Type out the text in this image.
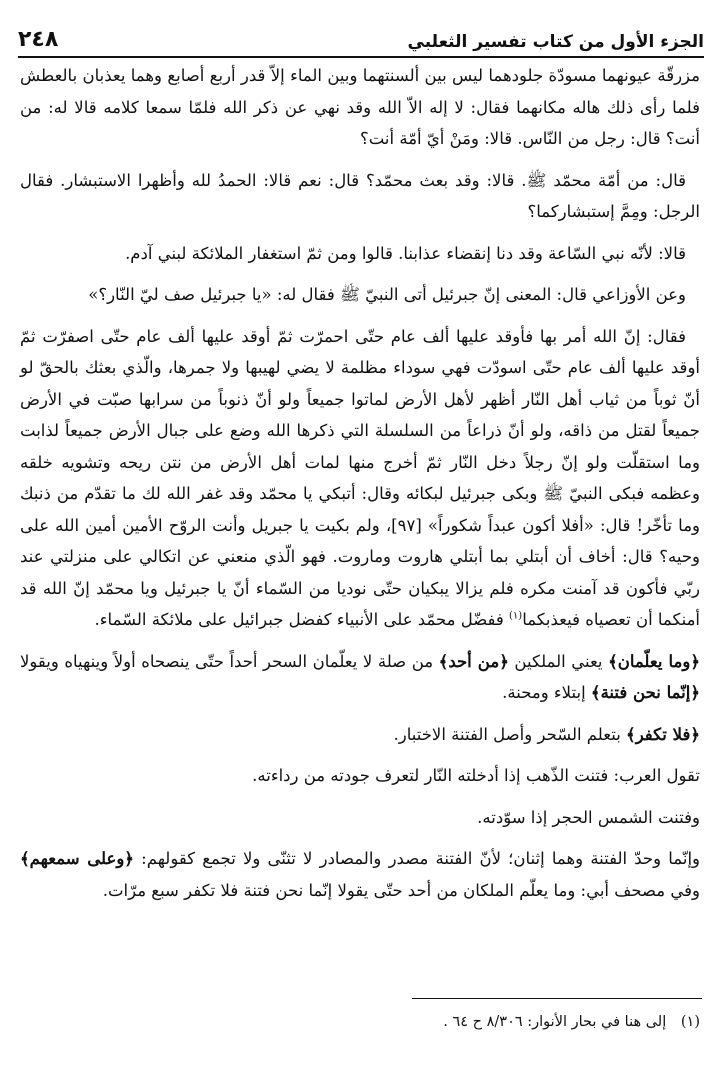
الجزء الأول من كتاب تفسير الثعلبي
٢٤٨

مزرقّة عيونهما مسودّة جلودهما ليس بين ألسنتهما وبين الماء إلاّ قدر أربع أصابع وهما يعذبان بالعطش فلما رأى ذلك هاله مكانهما فقال: لا إله الاّ الله وقد نهي عن ذكر الله فلمّا سمعا كلامه قالا له: من أنت؟ قال: رجل من النّاس. قالا: ومَنْ أيّ أمّة أنت؟

قال: من أمّة محمّد ﷺ. قالا: وقد بعث محمّد؟ قال: نعم قالا: الحمدُ لله وأظهرا الاستبشار. فقال الرجل: ومِمَّ إستبشاركما؟

قالا: لأنّه نبي السّاعة وقد دنا إنقضاء عذابنا. قالوا ومن ثمّ استغفار الملائكة لبني آدم.

وعن الأوزاعي قال: المعنى إنّ جبرئيل أتى النبيّ ﷺ فقال له: «يا جبرئيل صف ليّ النّار؟»

فقال: إنّ الله أمر بها فأوقد عليها ألف عام حتّى احمرّت ثمّ أوقد عليها ألف عام حتّى اصفرّت ثمّ أوقد عليها ألف عام حتّى اسودّت فهي سوداء مظلمة لا يضي لهيبها ولا جمرها، والّذي بعثك بالحقّ لو أنّ ثوباً من ثياب أهل النّار أظهر لأهل الأرض لماتوا جميعاً ولو أنّ ذنوباً من سرابها صبّت في الأرض جميعاً لقتل من ذاقه، ولو أنّ ذراعاً من السلسلة التي ذكرها الله وضع على جبال الأرض جميعاً لذابت وما استقلّت ولو إنّ رجلاً دخل النّار ثمّ أخرج منها لمات أهل الأرض من نتن ريحه وتشويه خلقه وعظمه فبكى النبيّ ﷺ وبكى جبرئيل لبكائه وقال: أتبكي يا محمّد وقد غفر الله لك ما تقدّم من ذنبك وما تأخّر! قال: «أفلا أكون عبداً شكوراً» [٩٧]، ولم بكيت يا جبريل وأنت الروّح الأمين أمين الله على وحيه؟ قال: أخاف أن أبتلي بما أبتلي هاروت وماروت. فهو الّذي منعني عن اتكالي على منزلتي عند ربّي فأكون قد آمنت مكره فلم يزالا يبكيان حتّى نوديا من السّماء أنّ يا جبرئيل ويا محمّد إنّ الله قد أمنكما أن تعصياه فيعذبكما$^{(١)}$ ففضّل محمّد على الأنبياء كفضل جبرائيل على ملائكة السّماء.

﴿وما يعلّمان﴾ يعني الملكين ﴿من أحد﴾ من صلة لا يعلّمان السحر أحداً حتّى ينصحاه أولاً وينهياه ويقولا ﴿إنّما نحن فتنة﴾ إبتلاء ومحنة.

﴿فلا تكفر﴾ بتعلم السّحر وأصل الفتنة الاختبار.

تقول العرب: فتنت الذّهب إذا أدخلته النّار لتعرف جودته من رداءته.

وفتنت الشمس الحجر إذا سوّدته.

وإنّما وحدّ الفتنة وهما إثنان؛ لأنّ الفتنة مصدر والمصادر لا تثنّى ولا تجمع كقولهم: ﴿وعلى سمعهم﴾ وفي مصحف أبي: وما يعلّم الملكان من أحد حتّى يقولا إنّما نحن فتنة فلا تكفر سبع مرّات.

(١) إلى هنا في بحار الأنوار: ٨/٣٠٦ ح ٦٤ .
